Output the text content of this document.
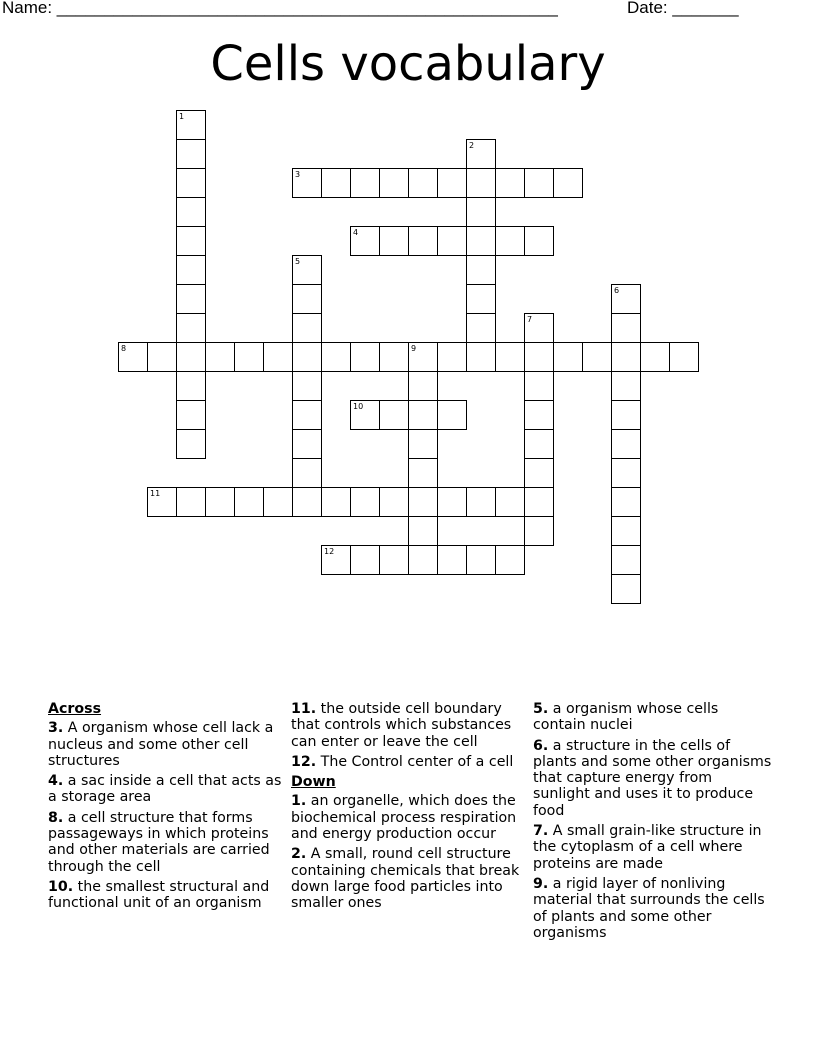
Name: _____________________________________________________	Date: _______
Cells vocabulary
1
2
3
4
5
6
7
8	9
10
11
12
Across
3. A organism whose cell lack a nucleus and some other cell structures
4. a sac inside a cell that acts as a storage area
8. a cell structure that forms passageways in which proteins and other materials are carried through the cell
10. the smallest structural and functional unit of an organism
11. the outside cell boundary that controls which substances can enter or leave the cell
12. The Control center of a cell
Down
1. an organelle, which does the biochemical process respiration and energy production occur
2. A small, round cell structure containing chemicals that break down large food particles into smaller ones
5. a organism whose cells contain nuclei
6. a structure in the cells of plants and some other organisms that capture energy from sunlight and uses it to produce food
7. A small grain-like structure in the cytoplasm of a cell where proteins are made
9. a rigid layer of nonliving material that surrounds the cells of plants and some other organisms
